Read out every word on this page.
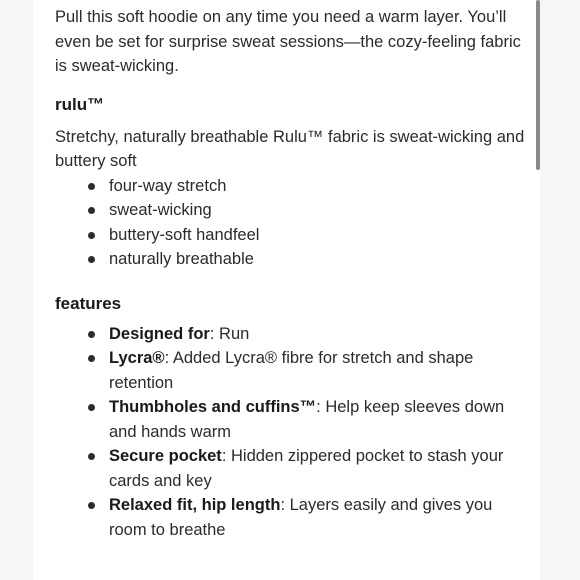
Pull this soft hoodie on any time you need a warm layer. You’ll even be set for surprise sweat sessions—the cozy-feeling fabric is sweat-wicking.

rulu™

Stretchy, naturally breathable Rulu™ fabric is sweat-wicking and buttery soft

four-way stretch
sweat-wicking
buttery-soft handfeel
naturally breathable
features
Designed for: Run
Lycra®: Added Lycra® fibre for stretch and shape retention
Thumbholes and cuffins™: Help keep sleeves down and hands warm
Secure pocket: Hidden zippered pocket to stash your cards and key
Relaxed fit, hip length: Layers easily and gives you room to breathe
